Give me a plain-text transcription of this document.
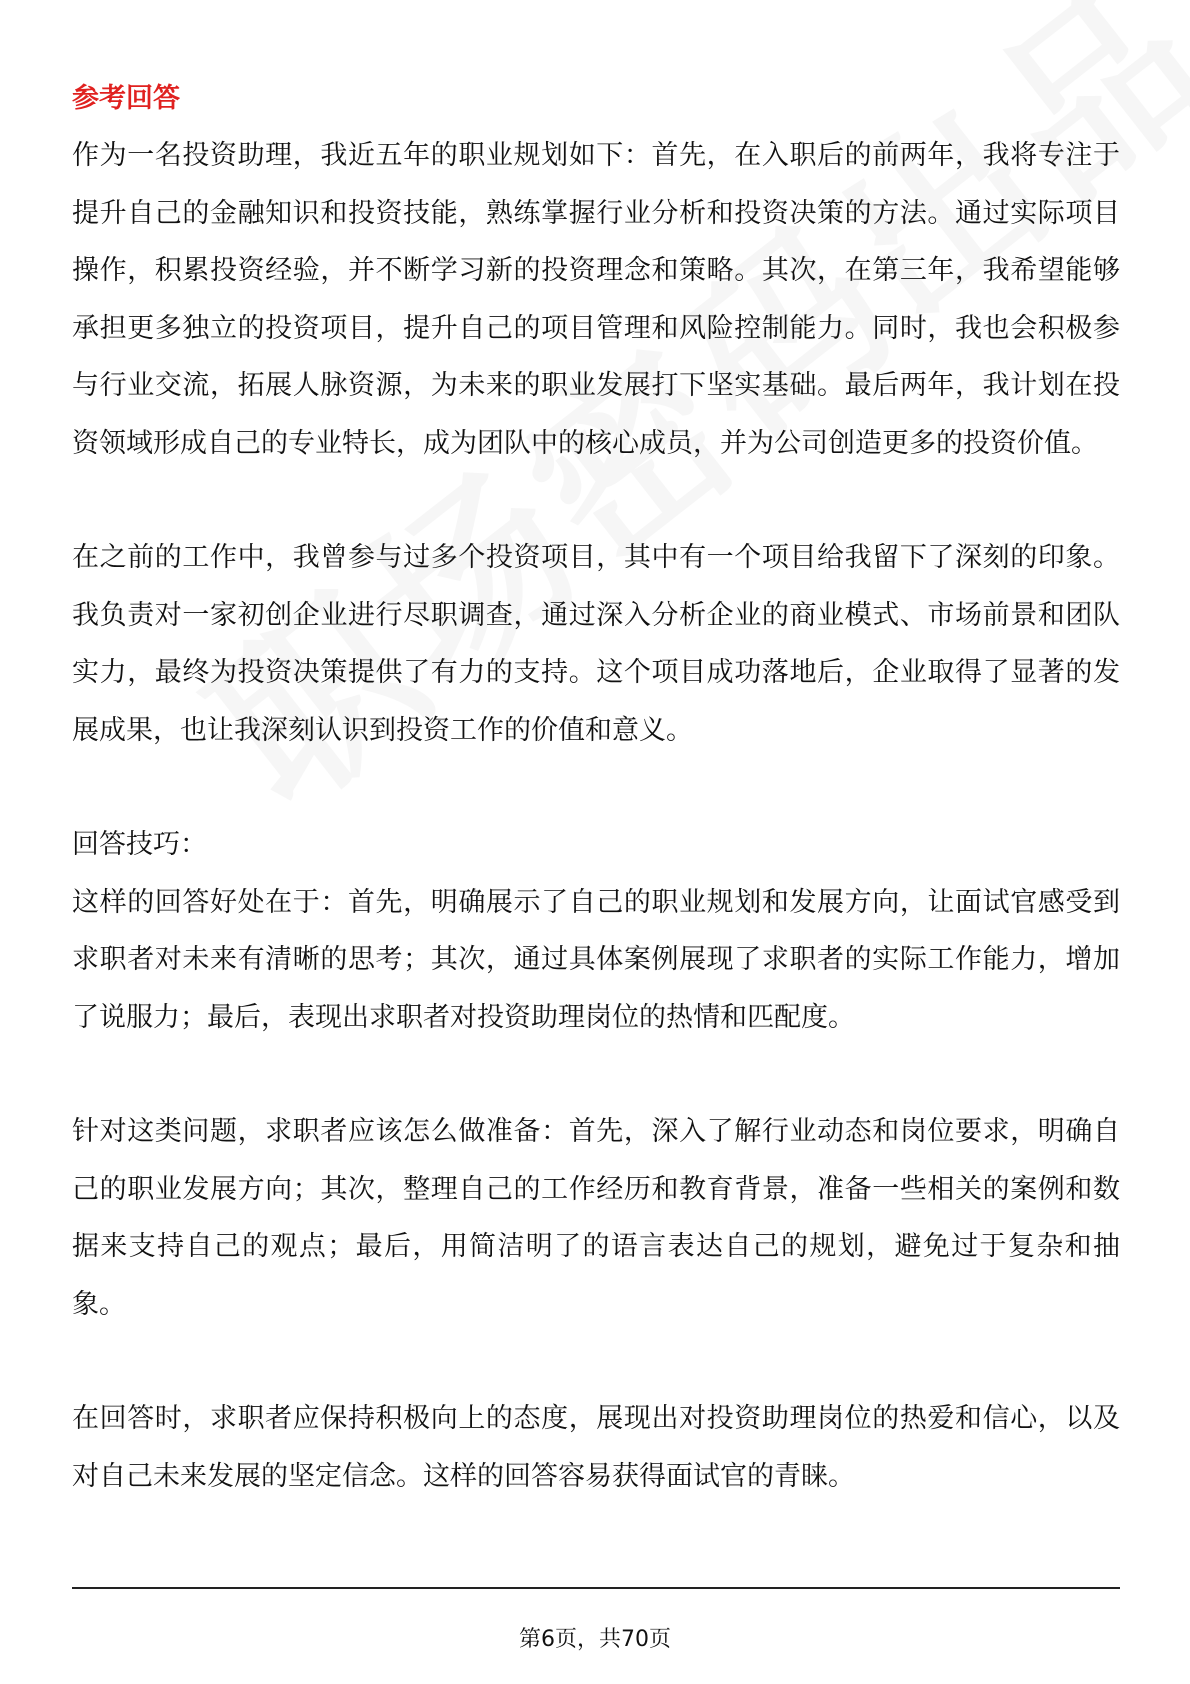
参考回答

作为一名投资助理，我近五年的职业规划如下：首先，在入职后的前两年，我将专注于提升自己的金融知识和投资技能，熟练掌握行业分析和投资决策的方法。通过实际项目操作，积累投资经验，并不断学习新的投资理念和策略。其次，在第三年，我希望能够承担更多独立的投资项目，提升自己的项目管理和风险控制能力。同时，我也会积极参与行业交流，拓展人脉资源，为未来的职业发展打下坚实基础。最后两年，我计划在投资领域形成自己的专业特长，成为团队中的核心成员，并为公司创造更多的投资价值。

在之前的工作中，我曾参与过多个投资项目，其中有一个项目给我留下了深刻的印象。我负责对一家初创企业进行尽职调查，通过深入分析企业的商业模式、市场前景和团队实力，最终为投资决策提供了有力的支持。这个项目成功落地后，企业取得了显著的发展成果，也让我深刻认识到投资工作的价值和意义。

回答技巧：

这样的回答好处在于：首先，明确展示了自己的职业规划和发展方向，让面试官感受到求职者对未来有清晰的思考；其次，通过具体案例展现了求职者的实际工作能力，增加了说服力；最后，表现出求职者对投资助理岗位的热情和匹配度。

针对这类问题，求职者应该怎么做准备：首先，深入了解行业动态和岗位要求，明确自己的职业发展方向；其次，整理自己的工作经历和教育背景，准备一些相关的案例和数据来支持自己的观点；最后，用简洁明了的语言表达自己的规划，避免过于复杂和抽象。

在回答时，求职者应保持积极向上的态度，展现出对投资助理岗位的热爱和信心，以及对自己未来发展的坚定信念。这样的回答容易获得面试官的青睐。

第6页，共70页
